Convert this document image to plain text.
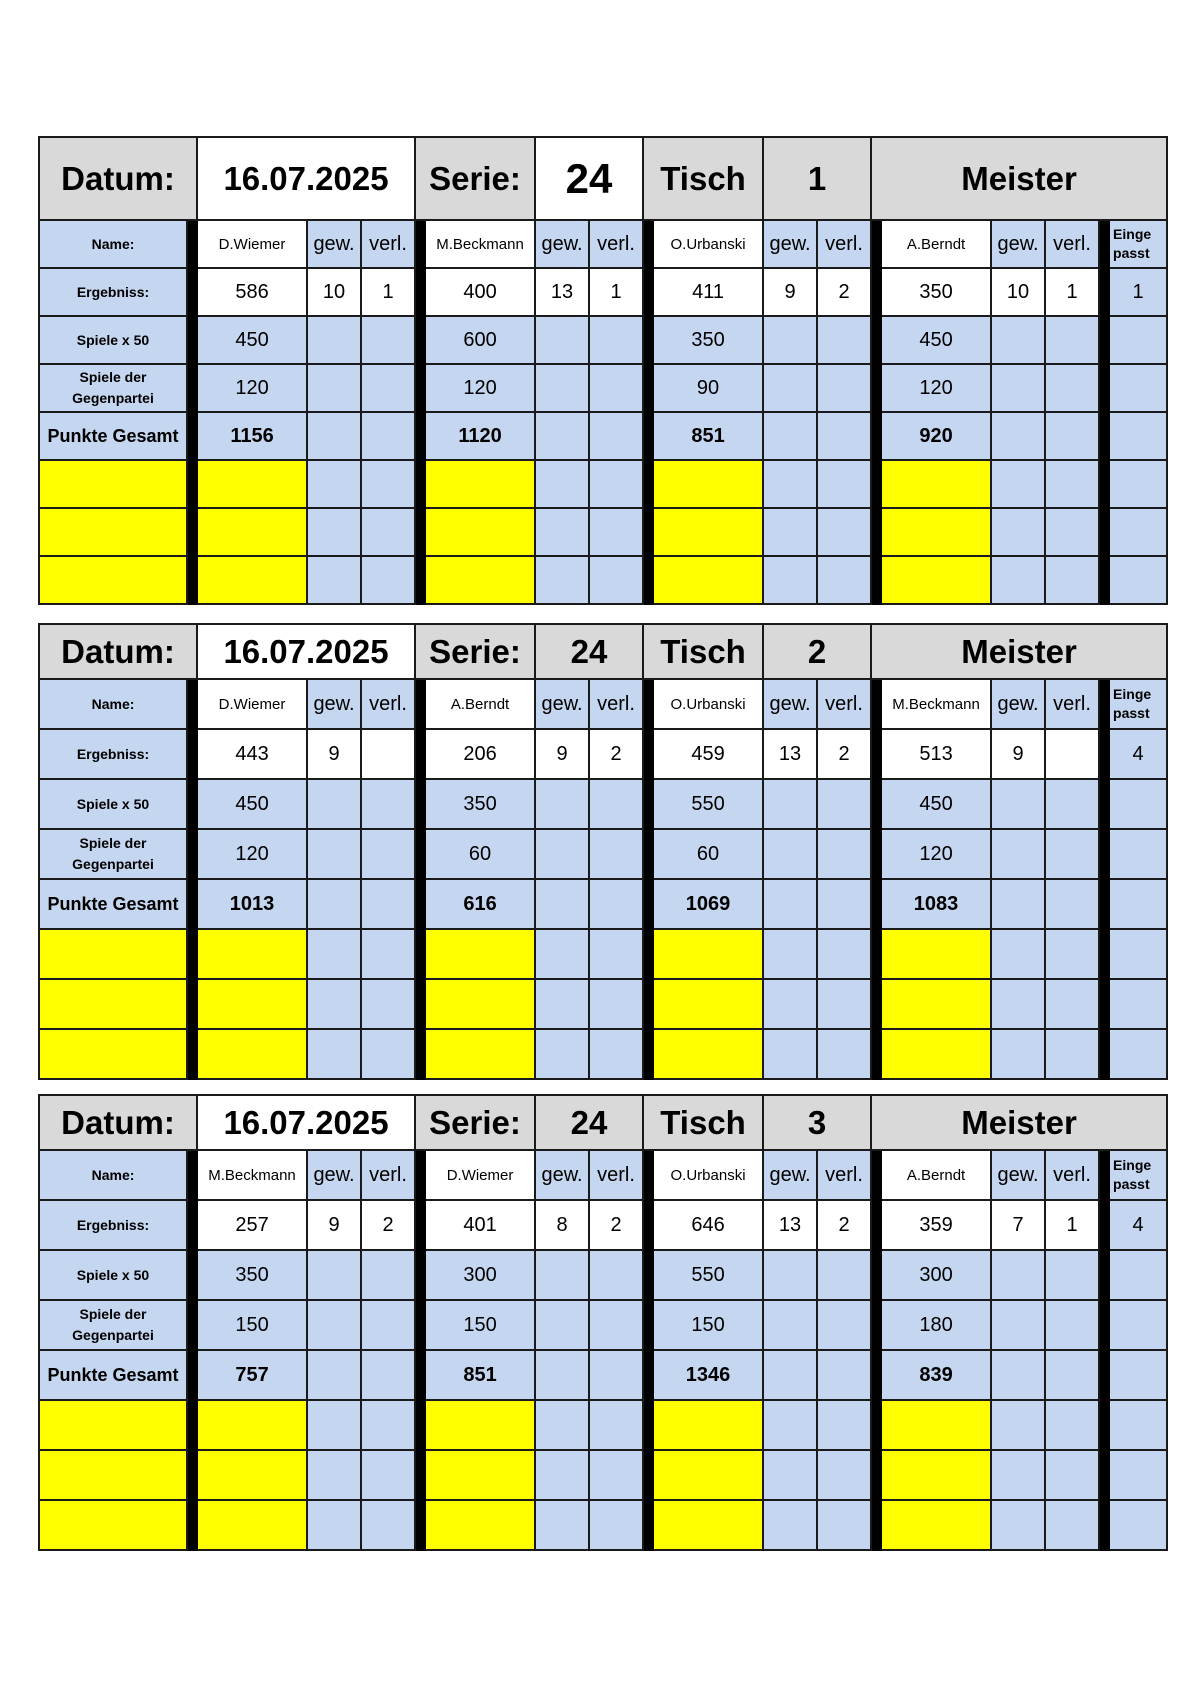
Datum:		16.07.2025			Serie:		24		Tisch		1		Meister					
Name:		D.Wiemer	gew.	verl.		M.Beckmann	gew.	verl.		O.Urbanski	gew.	verl.		A.Berndt	gew.	verl.		Einge passt
Ergebniss:		586	10	1		400	13	1		411	9	2		350	10	1		1
Spiele x 50		450				600				350				450				
Spiele der Gegenpartei		120				120				90				120				
Punkte Gesamt		1156				1120				851				920				

Datum:		16.07.2025			Serie:		24		Tisch		2		Meister					
Name:		D.Wiemer	gew.	verl.		A.Berndt	gew.	verl.		O.Urbanski	gew.	verl.		M.Beckmann	gew.	verl.		Einge passt
Ergebniss:		443	9			206	9	2		459	13	2		513	9			4
Spiele x 50		450				350				550				450				
Spiele der Gegenpartei		120				60				60				120				
Punkte Gesamt		1013				616				1069				1083				

Datum:		16.07.2025			Serie:		24		Tisch		3		Meister					
Name:		M.Beckmann	gew.	verl.		D.Wiemer	gew.	verl.		O.Urbanski	gew.	verl.		A.Berndt	gew.	verl.		Einge passt
Ergebniss:		257	9	2		401	8	2		646	13	2		359	7	1		4
Spiele x 50		350				300				550				300				
Spiele der Gegenpartei		150				150				150				180				
Punkte Gesamt		757				851				1346				839				
